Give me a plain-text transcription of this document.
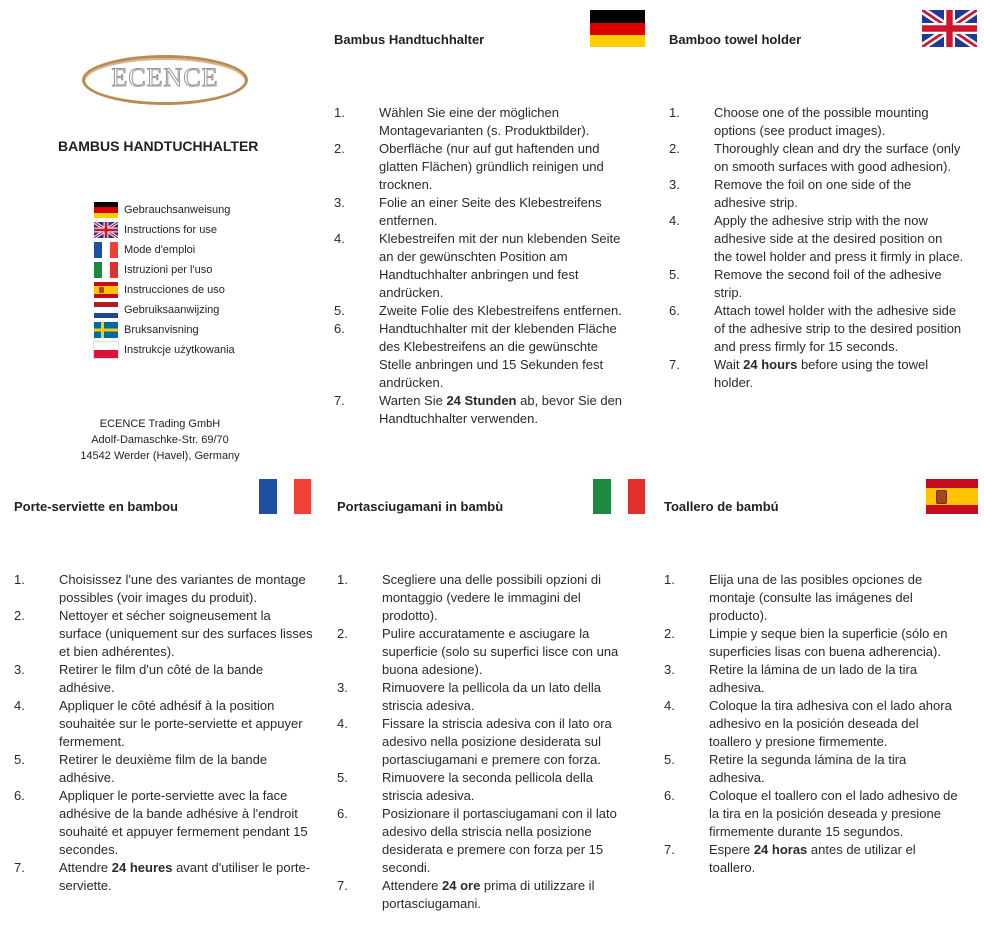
ECENCE
BAMBUS HANDTUCHHALTER
Gebrauchsanweisung
Instructions for use
Mode d'emploi
Istruzioni per l'uso
Instrucciones de uso
Gebruiksaanwijzing
Bruksanvisning
Instrukcje użytkowania
ECENCE Trading GmbH
Adolf-Damaschke-Str. 69/70
14542 Werder (Havel), Germany
Bambus Handtuchhalter
1.	Wählen Sie eine der möglichen Montagevarianten (s. Produktbilder).
2.	Oberfläche (nur auf gut haftenden und glatten Flächen) gründlich reinigen und trocknen.
3.	Folie an einer Seite des Klebestreifens entfernen.
4.	Klebestreifen mit der nun klebenden Seite an der gewünschten Position am Handtuchhalter anbringen und fest andrücken.
5.	Zweite Folie des Klebestreifens entfernen.
6.	Handtuchhalter mit der klebenden Fläche des Klebestreifens an die gewünschte Stelle anbringen und 15 Sekunden fest andrücken.
7.	Warten Sie 24 Stunden ab, bevor Sie den Handtuchhalter verwenden.
Bamboo towel holder
1.	Choose one of the possible mounting options (see product images).
2.	Thoroughly clean and dry the surface (only on smooth surfaces with good adhesion).
3.	Remove the foil on one side of the adhesive strip.
4.	Apply the adhesive strip with the now adhesive side at the desired position on the towel holder and press it firmly in place.
5.	Remove the second foil of the adhesive strip.
6.	Attach towel holder with the adhesive side of the adhesive strip to the desired position and press firmly for 15 seconds.
7.	Wait 24 hours before using the towel holder.
Porte-serviette en bambou
1.	Choisissez l'une des variantes de montage possibles (voir images du produit).
2.	Nettoyer et sécher soigneusement la surface (uniquement sur des surfaces lisses et bien adhérentes).
3.	Retirer le film d'un côté de la bande adhésive.
4.	Appliquer le côté adhésif à la position souhaitée sur le porte-serviette et appuyer fermement.
5.	Retirer le deuxième film de la bande adhésive.
6.	Appliquer le porte-serviette avec la face adhésive de la bande adhésive à l'endroit souhaité et appuyer fermement pendant 15 secondes.
7.	Attendre 24 heures avant d'utiliser le porte-serviette.
Portasciugamani in bambù
1.	Scegliere una delle possibili opzioni di montaggio (vedere le immagini del prodotto).
2.	Pulire accuratamente e asciugare la superficie (solo su superfici lisce con una buona adesione).
3.	Rimuovere la pellicola da un lato della striscia adesiva.
4.	Fissare la striscia adesiva con il lato ora adesivo nella posizione desiderata sul portasciugamani e premere con forza.
5.	Rimuovere la seconda pellicola della striscia adesiva.
6.	Posizionare il portasciugamani con il lato adesivo della striscia nella posizione desiderata e premere con forza per 15 secondi.
7.	Attendere 24 ore prima di utilizzare il portasciugamani.
Toallero de bambú
1.	Elija una de las posibles opciones de montaje (consulte las imágenes del producto).
2.	Limpie y seque bien la superficie (sólo en superficies lisas con buena adherencia).
3.	Retire la lámina de un lado de la tira adhesiva.
4.	Coloque la tira adhesiva con el lado ahora adhesivo en la posición deseada del toallero y presione firmemente.
5.	Retire la segunda lámina de la tira adhesiva.
6.	Coloque el toallero con el lado adhesivo de la tira en la posición deseada y presione firmemente durante 15 segundos.
7.	Espere 24 horas antes de utilizar el toallero.
